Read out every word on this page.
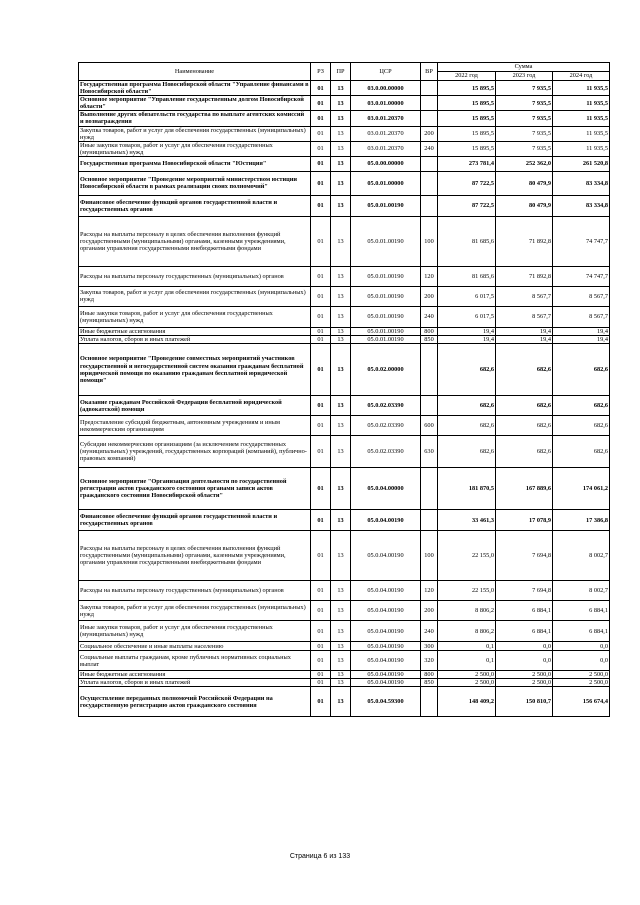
Наименование	РЗ	ПР	ЦСР	ВР	Сумма		
					2022 год	2023 год	2024 год
Государственная программа Новосибирской области "Управление финансами в Новосибирской области"	01	13	03.0.00.00000		15 895,5	7 935,5	11 935,5
Основное мероприятие "Управление государственным долгом Новосибирской области"	01	13	03.0.01.00000		15 895,5	7 935,5	11 935,5
Выполнение других обязательств государства по выплате агентских комиссий и вознаграждения	01	13	03.0.01.20370		15 895,5	7 935,5	11 935,5
Закупка товаров, работ и услуг для обеспечения государственных (муниципальных) нужд	01	13	03.0.01.20370	200	15 895,5	7 935,5	11 935,5
Иные закупки товаров, работ и услуг для обеспечения государственных (муниципальных) нужд	01	13	03.0.01.20370	240	15 895,5	7 935,5	11 935,5
Государственная программа Новосибирской области "Юстиция"	01	13	05.0.00.00000		273 781,4	252 362,0	261 520,8
Основное мероприятие "Проведение мероприятий министерством юстиции Новосибирской области в рамках реализации своих полномочий"	01	13	05.0.01.00000		87 722,5	80 479,9	83 334,8
Финансовое обеспечение функций органов государственной власти и государственных органов	01	13	05.0.01.00190		87 722,5	80 479,9	83 334,8
Расходы на выплаты персоналу в целях обеспечения выполнения функций государственными (муниципальными) органами, казенными учреждениями, органами управления государственными внебюджетными фондами	01	13	05.0.01.00190	100	81 685,6	71 892,8	74 747,7
Расходы на выплаты персоналу государственных (муниципальных) органов	01	13	05.0.01.00190	120	81 685,6	71 892,8	74 747,7
Закупка товаров, работ и услуг для обеспечения государственных (муниципальных) нужд	01	13	05.0.01.00190	200	6 017,5	8 567,7	8 567,7
Иные закупки товаров, работ и услуг для обеспечения государственных (муниципальных) нужд	01	13	05.0.01.00190	240	6 017,5	8 567,7	8 567,7
Иные бюджетные ассигнования	01	13	05.0.01.00190	800	19,4	19,4	19,4
Уплата налогов, сборов и иных платежей	01	13	05.0.01.00190	850	19,4	19,4	19,4
Основное мероприятие "Проведение совместных мероприятий участников государственной и негосударственной систем оказания гражданам бесплатной юридической помощи по оказанию гражданам бесплатной юридической помощи"	01	13	05.0.02.00000		682,6	682,6	682,6
Оказание гражданам Российской Федерации бесплатной юридической (адвокатской) помощи	01	13	05.0.02.03390		682,6	682,6	682,6
Предоставление субсидий бюджетным, автономным учреждениям и иным некоммерческим организациям	01	13	05.0.02.03390	600	682,6	682,6	682,6
Субсидии некоммерческим организациям (за исключением государственных (муниципальных) учреждений, государственных корпораций (компаний), публично-правовых компаний)	01	13	05.0.02.03390	630	682,6	682,6	682,6
Основное мероприятие "Организация деятельности по государственной регистрации актов гражданского состояния органами записи актов гражданского состояния Новосибирской области"	01	13	05.0.04.00000		181 870,5	167 889,6	174 061,2
Финансовое обеспечение функций органов государственной власти и государственных органов	01	13	05.0.04.00190		33 461,3	17 078,9	17 386,8
Расходы на выплаты персоналу в целях обеспечения выполнения функций государственными (муниципальными) органами, казенными учреждениями, органами управления государственными внебюджетными фондами	01	13	05.0.04.00190	100	22 155,0	7 694,8	8 002,7
Расходы на выплаты персоналу государственных (муниципальных) органов	01	13	05.0.04.00190	120	22 155,0	7 694,8	8 002,7
Закупка товаров, работ и услуг для обеспечения государственных (муниципальных) нужд	01	13	05.0.04.00190	200	8 806,2	6 884,1	6 884,1
Иные закупки товаров, работ и услуг для обеспечения государственных (муниципальных) нужд	01	13	05.0.04.00190	240	8 806,2	6 884,1	6 884,1
Социальное обеспечение и иные выплаты населению	01	13	05.0.04.00190	300	0,1	0,0	0,0
Социальные выплаты гражданам, кроме публичных нормативных социальных выплат	01	13	05.0.04.00190	320	0,1	0,0	0,0
Иные бюджетные ассигнования	01	13	05.0.04.00190	800	2 500,0	2 500,0	2 500,0
Уплата налогов, сборов и иных платежей	01	13	05.0.04.00190	850	2 500,0	2 500,0	2 500,0
Осуществление переданных полномочий Российской Федерации на государственную регистрацию актов гражданского состояния	01	13	05.0.04.59300		148 409,2	150 810,7	156 674,4
Страница 6 из 133
